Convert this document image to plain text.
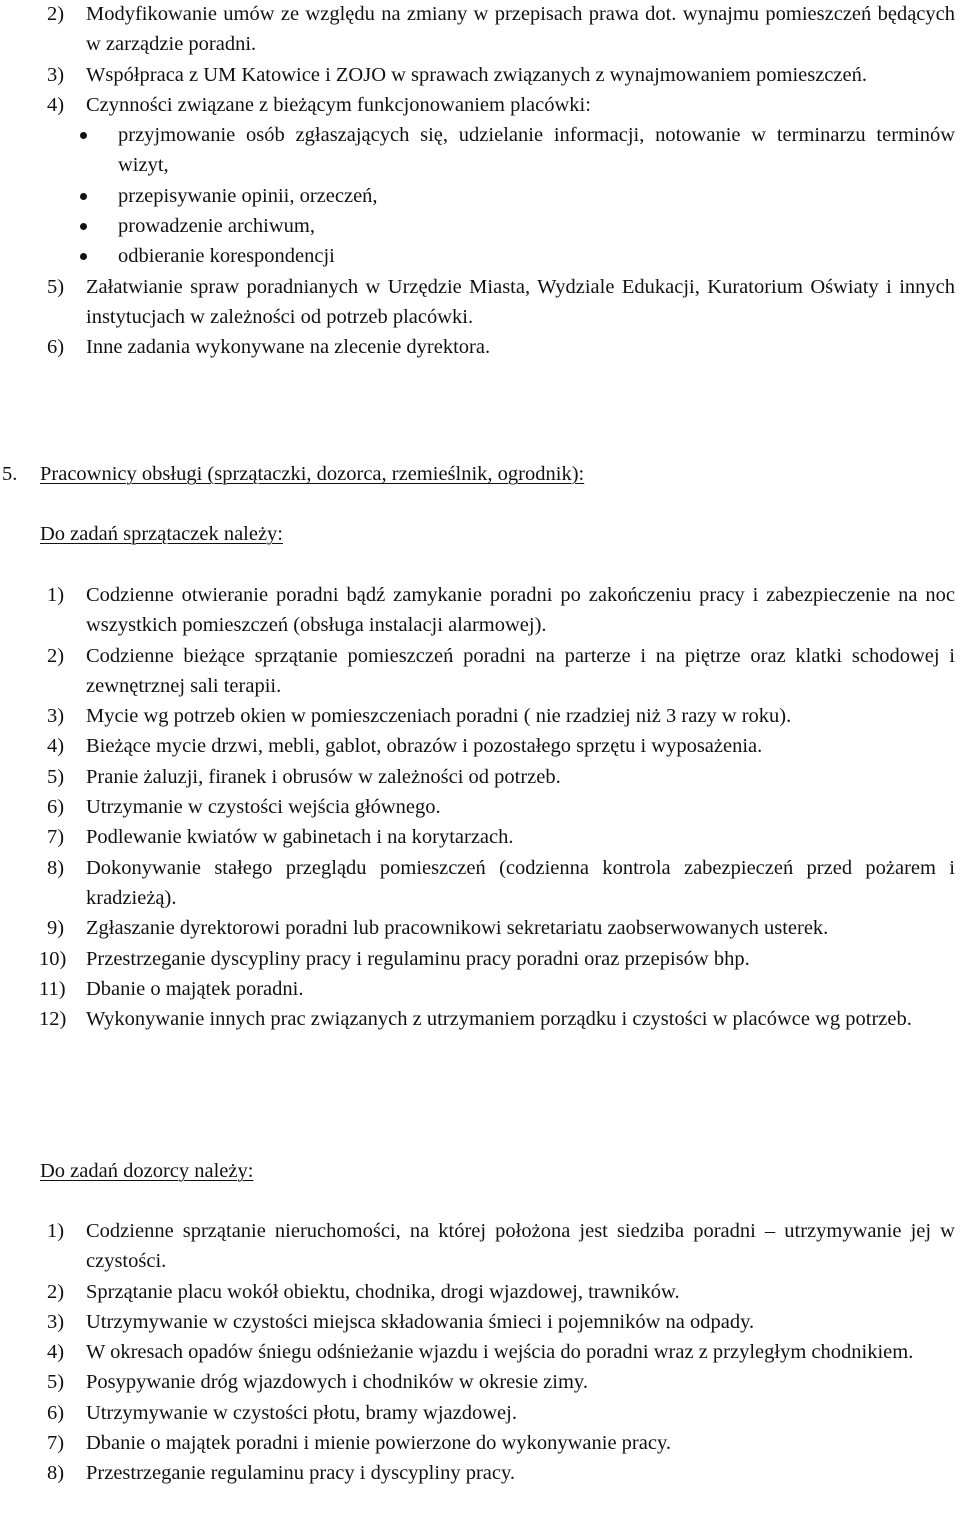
2) Modyfikowanie umów ze względu na zmiany w przepisach prawa dot. wynajmu pomieszczeń będących w zarządzie poradni.
3) Współpraca z UM Katowice i ZOJO w sprawach związanych z wynajmowaniem pomieszczeń.
4) Czynności związane z bieżącym funkcjonowaniem placówki:
przyjmowanie osób zgłaszających się, udzielanie informacji, notowanie w terminarzu terminów wizyt,
przepisywanie opinii, orzeczeń,
prowadzenie archiwum,
odbieranie korespondencji
5) Załatwianie spraw poradnianych w Urzędzie Miasta, Wydziale Edukacji, Kuratorium Oświaty i innych instytucjach w zależności od potrzeb placówki.
6) Inne zadania wykonywane na zlecenie dyrektora.
5. Pracownicy obsługi (sprzątaczki, dozorca, rzemieślnik, ogrodnik):
Do zadań sprzątaczek należy:
1) Codzienne otwieranie poradni bądź zamykanie poradni po zakończeniu pracy i zabezpieczenie na noc wszystkich pomieszczeń (obsługa instalacji alarmowej).
2) Codzienne bieżące sprzątanie pomieszczeń poradni na parterze i na piętrze oraz klatki schodowej i zewnętrznej sali terapii.
3) Mycie wg potrzeb okien w pomieszczeniach poradni ( nie rzadziej niż 3 razy w roku).
4) Bieżące mycie drzwi, mebli, gablot, obrazów i pozostałego sprzętu i wyposażenia.
5) Pranie żaluzji, firanek i obrusów w zależności od potrzeb.
6) Utrzymanie w czystości wejścia głównego.
7) Podlewanie kwiatów w gabinetach i na korytarzach.
8) Dokonywanie stałego przeglądu pomieszczeń (codzienna kontrola zabezpieczeń przed pożarem i kradzieżą).
9) Zgłaszanie dyrektorowi poradni lub pracownikowi sekretariatu zaobserwowanych usterek.
10) Przestrzeganie dyscypliny pracy i regulaminu pracy poradni oraz przepisów bhp.
11) Dbanie o majątek poradni.
12) Wykonywanie innych prac związanych z utrzymaniem porządku i czystości w placówce wg potrzeb.
Do zadań dozorcy należy:
1) Codzienne sprzątanie nieruchomości, na której położona jest siedziba poradni – utrzymywanie jej w czystości.
2) Sprzątanie placu wokół obiektu, chodnika, drogi wjazdowej, trawników.
3) Utrzymywanie w czystości miejsca składowania śmieci i pojemników na odpady.
4) W okresach opadów śniegu odśnieżanie wjazdu i wejścia do poradni wraz z przyległym chodnikiem.
5) Posypywanie dróg wjazdowych i chodników w okresie zimy.
6) Utrzymywanie w czystości płotu, bramy wjazdowej.
7) Dbanie o majątek poradni i mienie powierzone do wykonywanie pracy.
8) Przestrzeganie regulaminu pracy i dyscypliny pracy.
